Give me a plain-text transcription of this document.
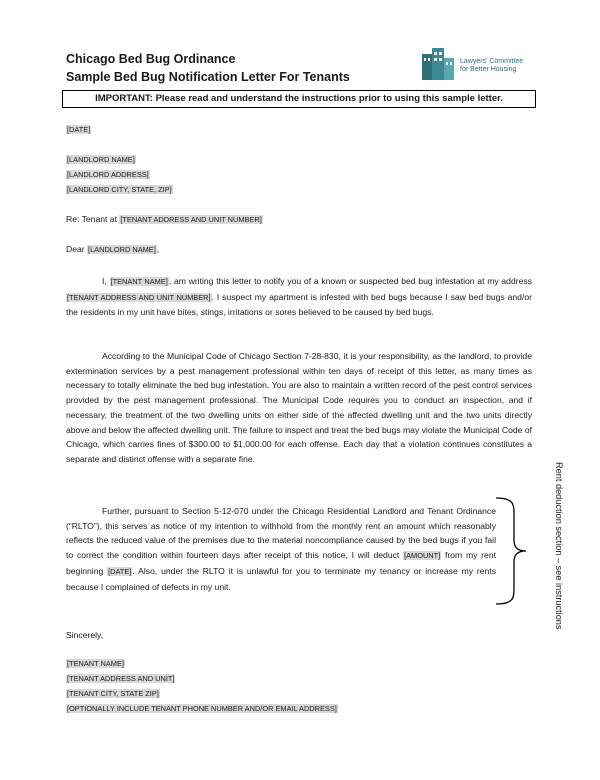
Chicago Bed Bug Ordinance
Sample Bed Bug Notification Letter For Tenants
Lawyers' Committee
for Better Housing
IMPORTANT: Please read and understand the instructions prior to using this sample letter.
[DATE]
[LANDLORD NAME]
[LANDLORD ADDRESS]
[LANDLORD CITY, STATE, ZIP]
Re: Tenant at [TENANT ADDRESS AND UNIT NUMBER]
Dear [LANDLORD NAME],

I, [TENANT NAME], am writing this letter to notify you of a known or suspected bed bug infestation at my address [TENANT ADDRESS AND UNIT NUMBER]. I suspect my apartment is infested with bed bugs because I saw bed bugs and/or the residents in my unit have bites, stings, irritations or sores believed to be caused by bed bugs.

According to the Municipal Code of Chicago Section 7-28-830, it is your responsibility, as the landlord, to provide extermination services by a pest management professional within ten days of receipt of this letter, as many times as necessary to totally eliminate the bed bug infestation. You are also to maintain a written record of the pest control services provided by the pest management professional. The Municipal Code requires you to conduct an inspection, and if necessary, the treatment of the two dwelling units on either side of the affected dwelling unit and the two units directly above and below the affected dwelling unit. The failure to inspect and treat the bed bugs may violate the Municipal Code of Chicago, which carries fines of $300.00 to $1,000.00 for each offense. Each day that a violation continues constitutes a separate and distinct offense with a separate fine.

Further, pursuant to Section 5-12-070 under the Chicago Residential Landlord and Tenant Ordinance (“RLTO”), this serves as notice of my intention to withhold from the monthly rent an amount which reasonably reflects the reduced value of the premises due to the material noncompliance caused by the bed bugs if you fail to correct the condition within fourteen days after receipt of this notice, I will deduct [AMOUNT] from my rent beginning [DATE]. Also, under the RLTO it is unlawful for you to terminate my tenancy or increase my rents because I complained of defects in my unit.	Rent deduction section – see instructions
Sincerely,
[TENANT NAME]
[TENANT ADDRESS AND UNIT]
[TENANT CITY, STATE ZIP]
[OPTIONALLY INCLUDE TENANT PHONE NUMBER AND/OR EMAIL ADDRESS]
